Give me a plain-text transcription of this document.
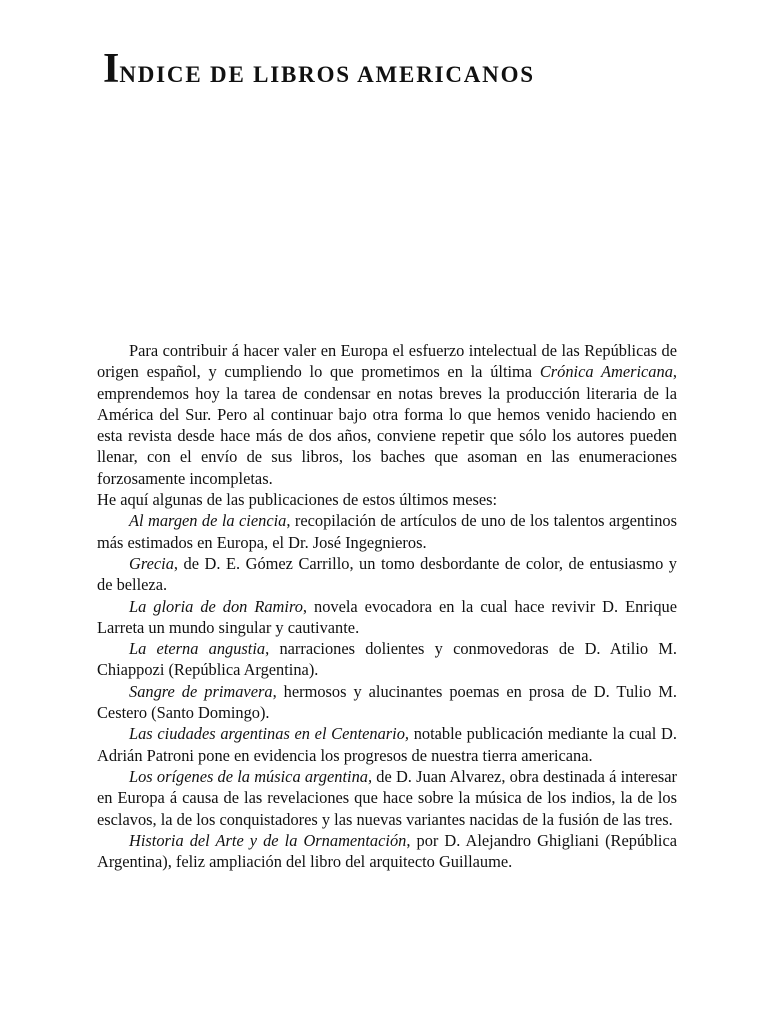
INDICE DE LIBROS AMERICANOS

Para contribuir á hacer valer en Europa el esfuerzo intelectual de las Repúblicas de origen español, y cumpliendo lo que prometimos en la última Crónica Americana, emprendemos hoy la tarea de condensar en notas breves la producción literaria de la América del Sur. Pero al continuar bajo otra forma lo que hemos venido haciendo en esta revista desde hace más de dos años, conviene repetir que sólo los autores pueden llenar, con el envío de sus libros, los baches que asoman en las enumeraciones forzosamente incompletas.

He aquí algunas de las publicaciones de estos últimos meses:

Al margen de la ciencia, recopilación de artículos de uno de los talentos argentinos más estimados en Europa, el Dr. José Ingegnieros.

Grecia, de D. E. Gómez Carrillo, un tomo desbordante de color, de entusiasmo y de belleza.

La gloria de don Ramiro, novela evocadora en la cual hace revivir D. Enrique Larreta un mundo singular y cautivante.

La eterna angustia, narraciones dolientes y conmovedoras de D. Atilio M. Chiappozi (República Argentina).

Sangre de primavera, hermosos y alucinantes poemas en prosa de D. Tulio M. Cestero (Santo Domingo).

Las ciudades argentinas en el Centenario, notable publicación mediante la cual D. Adrián Patroni pone en evidencia los progresos de nuestra tierra americana.

Los orígenes de la música argentina, de D. Juan Alvarez, obra destinada á interesar en Europa á causa de las revelaciones que hace sobre la música de los indios, la de los esclavos, la de los conquistadores y las nuevas variantes nacidas de la fusión de las tres.

Historia del Arte y de la Ornamentación, por D. Alejandro Ghigliani (República Argentina), feliz ampliación del libro del arquitecto Guillaume.
